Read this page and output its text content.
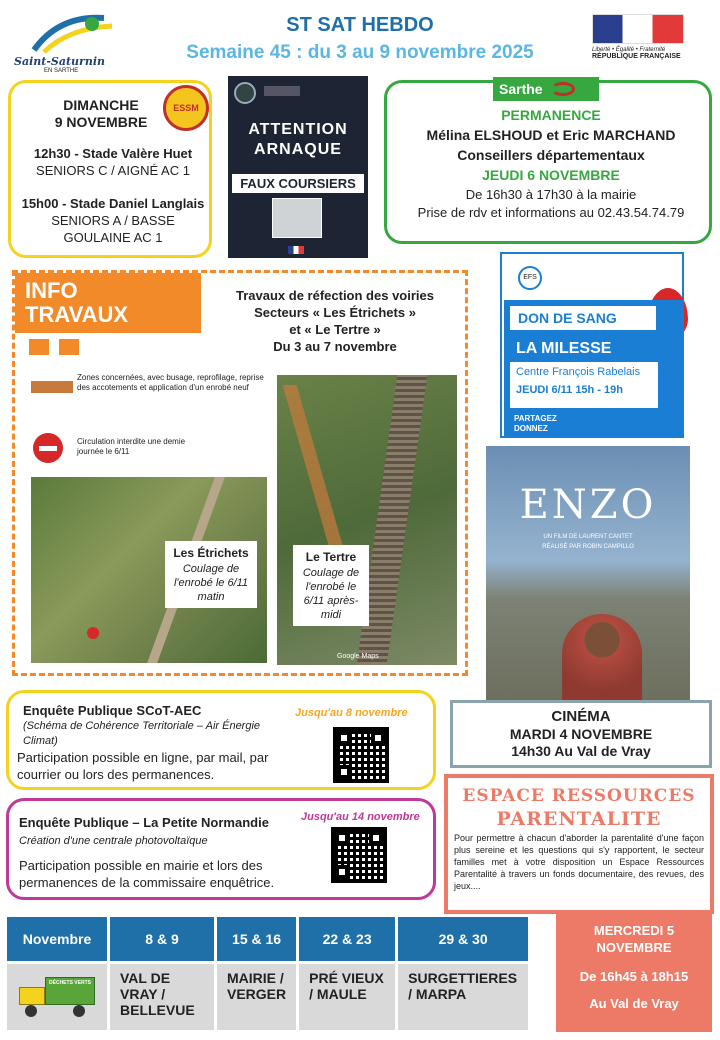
Saint-Saturnin
EN SARTHE
ST SAT HEBDO
Semaine 45 : du 3 au 9 novembre 2025	Liberté • Égalité • Fraternité
RÉPUBLIQUE FRANÇAISE
ESSM
DIMANCHE
9 NOVEMBRE
12h30 - Stade Valère Huet
SENIORS C / AIGNÉ AC 1
15h00 - Stade Daniel Langlais
SENIORS A / BASSE GOULAINE AC 1
ATTENTION
ARNAQUE
FAUX COURSIERS
Sarthe
PERMANENCE
Mélina ELSHOUD et Eric MARCHAND
Conseillers départementaux
JEUDI 6 NOVEMBRE
De 16h30 à 17h30 à la mairie
Prise de rdv et informations au 02.43.54.74.79
INFO
TRAVAUX
Travaux de réfection des voiries
Secteurs « Les Étrichets »
et « Le Tertre »
Du 3 au 7 novembre
Zones concernées, avec busage, reprofilage, reprise des accotements et application d'un enrobé neuf
Circulation interdite une demie journée le 6/11
Les Étrichets
Coulage de l'enrobé le 6/11 matin
Le Tertre
Coulage de l'enrobé le 6/11 après-midi
Google Maps
EFS
DON DE SANG
LA MILESSE
Centre François Rabelais
JEUDI 6/11 15h - 19h
PARTAGEZ DONNEZ
ENZO
UN FILM DE LAURENT CANTET
RÉALISÉ PAR ROBIN CAMPILLO
CINÉMA
MARDI 4 NOVEMBRE
14h30 Au Val de Vray
Enquête Publique SCoT-AEC
(Schéma de Cohérence Territoriale – Air Énergie Climat)
Jusqu'au 8 novembre
Participation possible en ligne, par mail, par courrier ou lors des permanences.
Enquête Publique – La Petite Normandie
Création d'une centrale photovoltaïque
Jusqu'au 14 novembre
Participation possible en mairie et lors des permanences de la commissaire enquêtrice.
ESPACE RESSOURCES
PARENTALITE
Pour permettre à chacun d'aborder la parentalité d'une façon plus sereine et les questions qui s'y rapportent, le secteur familles met à votre disposition un Espace Ressources Parentalité à travers un fonds documentaire, des revues, des jeux....
MERCREDI 5
NOVEMBRE
De 16h45 à 18h15
Au Val de Vray
Novembre	8 & 9	15 & 16	22 & 23	29 & 30

DÉCHETS VERTS	VAL DE VRAY / BELLEVUE	MAIRIE / VERGER	PRÉ VIEUX / MAULE	SURGETTIERES / MARPA
